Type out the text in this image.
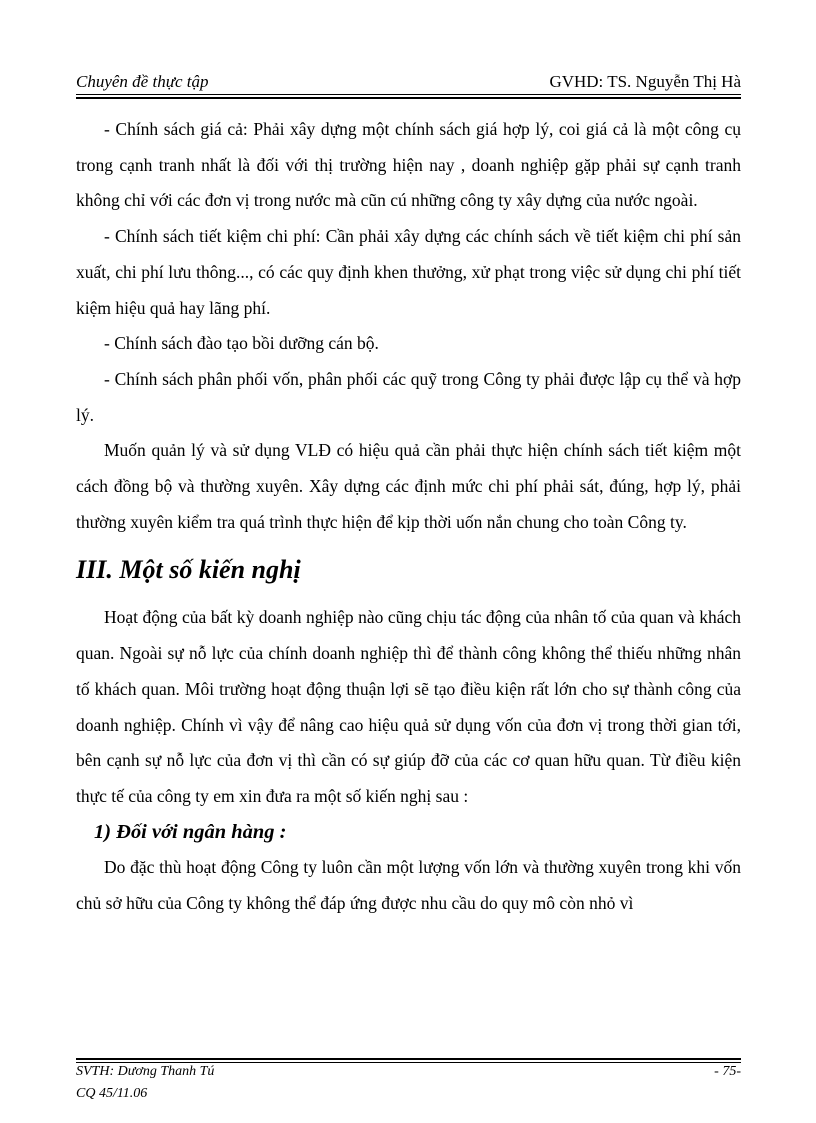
Chuyên đề thực tập	GVHD: TS. Nguyễn Thị Hà

- Chính sách giá cả: Phải xây dựng một chính sách giá hợp lý, coi giá cả là một công cụ trong cạnh tranh nhất là đối với thị trường hiện nay , doanh nghiệp gặp phải sự cạnh tranh không chỉ với các đơn vị trong nước mà cũn cú những công ty xây dựng của nước ngoài.

- Chính sách tiết kiệm chi phí: Cần phải xây dựng các chính sách về tiết kiệm chi phí sản xuất, chi phí lưu thông..., có các quy định khen thưởng, xử phạt trong việc sử dụng chi phí tiết kiệm hiệu quả hay lãng phí.

- Chính sách đào tạo bồi dưỡng cán bộ.

- Chính sách phân phối vốn, phân phối các quỹ trong Công ty phải được lập cụ thể và hợp lý.

Muốn quản lý và sử dụng VLĐ có hiệu quả cần phải thực hiện chính sách tiết kiệm một cách đồng bộ và thường xuyên. Xây dựng các định mức chi phí phải sát, đúng, hợp lý, phải thường xuyên kiểm tra quá trình thực hiện để kịp thời uốn nắn chung cho toàn Công ty.

III. Một số kiến nghị

Hoạt động của bất kỳ doanh nghiệp nào cũng chịu tác động của nhân tố của quan và khách quan. Ngoài sự nỗ lực của chính doanh nghiệp thì để thành công không thể thiếu những nhân tố khách quan. Môi trường hoạt động thuận lợi sẽ tạo điều kiện rất lớn cho sự thành công của doanh nghiệp. Chính vì vậy để nâng cao hiệu quả sử dụng vốn của đơn vị trong thời gian tới, bên cạnh sự nỗ lực của đơn vị thì cần có sự giúp đỡ của các cơ quan hữu quan. Từ điều kiện thực tế của công ty em xin đưa ra một số kiến nghị sau :

1) Đối với ngân hàng :

Do đặc thù hoạt động Công ty luôn cần một lượng vốn lớn và thường xuyên trong khi vốn chủ sở hữu của Công ty không thể đáp ứng được nhu cầu do quy mô còn nhỏ vì

SVTH: Dương Thanh Tú
CQ 45/11.06
- 75-
